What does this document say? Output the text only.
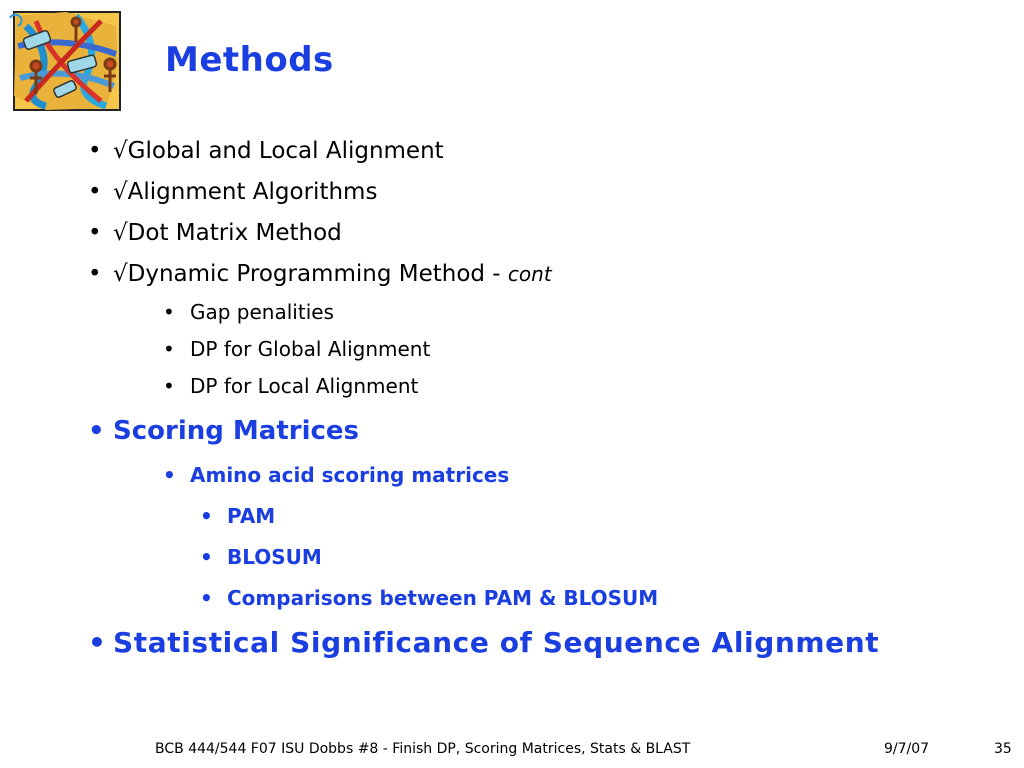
Methods
• √Global and Local Alignment
• √Alignment Algorithms
• √Dot Matrix Method
• √Dynamic Programming Method - cont
• Gap penalities
• DP for Global Alignment
• DP for Local Alignment
• Scoring Matrices
• Amino acid scoring matrices
• PAM
• BLOSUM
• Comparisons between PAM & BLOSUM
• Statistical Significance of Sequence Alignment
BCB 444/544 F07 ISU Dobbs #8 - Finish DP, Scoring Matrices, Stats & BLAST	9/7/07	35
